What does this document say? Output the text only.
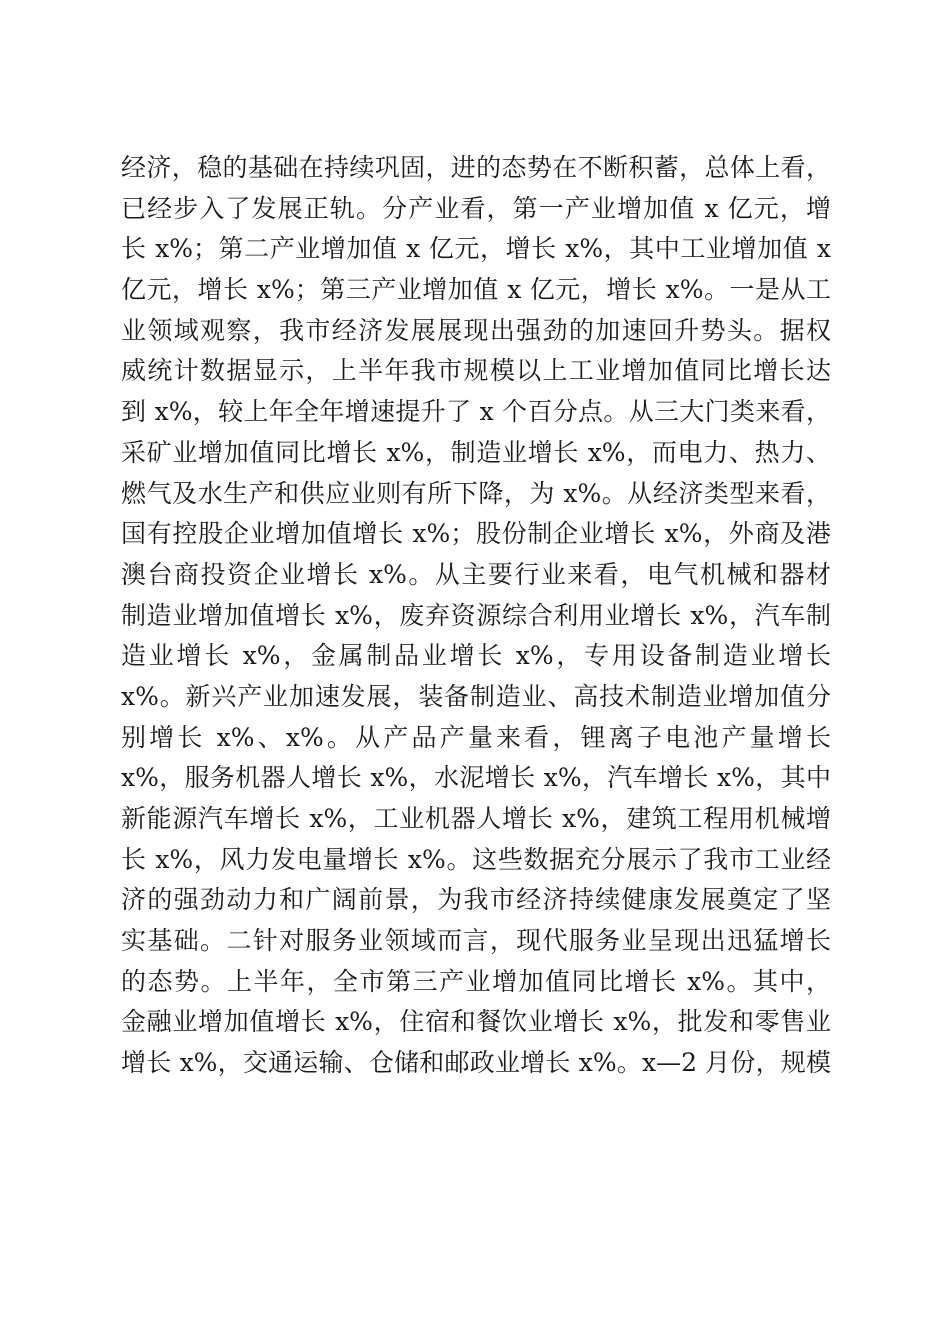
经济，稳的基础在持续巩固，进的态势在不断积蓄，总体上看，
已经步入了发展正轨。分产业看，第一产业增加值 x 亿元，增
长 x%；第二产业增加值 x 亿元，增长 x%，其中工业增加值 x
亿元，增长 x%；第三产业增加值 x 亿元，增长 x%。一是从工
业领域观察，我市经济发展展现出强劲的加速回升势头。据权
威统计数据显示，上半年我市规模以上工业增加值同比增长达
到 x%，较上年全年增速提升了 x 个百分点。从三大门类来看，
采矿业增加值同比增长 x%，制造业增长 x%，而电力、热力、
燃气及水生产和供应业则有所下降，为 x%。从经济类型来看，
国有控股企业增加值增长 x%；股份制企业增长 x%，外商及港
澳台商投资企业增长 x%。从主要行业来看，电气机械和器材
制造业增加值增长 x%，废弃资源综合利用业增长 x%，汽车制
造业增长 x%，金属制品业增长 x%，专用设备制造业增长
x%。新兴产业加速发展，装备制造业、高技术制造业增加值分
别增长 x%、x%。从产品产量来看，锂离子电池产量增长
x%，服务机器人增长 x%，水泥增长 x%，汽车增长 x%，其中
新能源汽车增长 x%，工业机器人增长 x%，建筑工程用机械增
长 x%，风力发电量增长 x%。这些数据充分展示了我市工业经
济的强劲动力和广阔前景，为我市经济持续健康发展奠定了坚
实基础。二针对服务业领域而言，现代服务业呈现出迅猛增长
的态势。上半年，全市第三产业增加值同比增长 x%。其中，
金融业增加值增长 x%，住宿和餐饮业增长 x%，批发和零售业
增长 x%，交通运输、仓储和邮政业增长 x%。x—2 月份，规模
